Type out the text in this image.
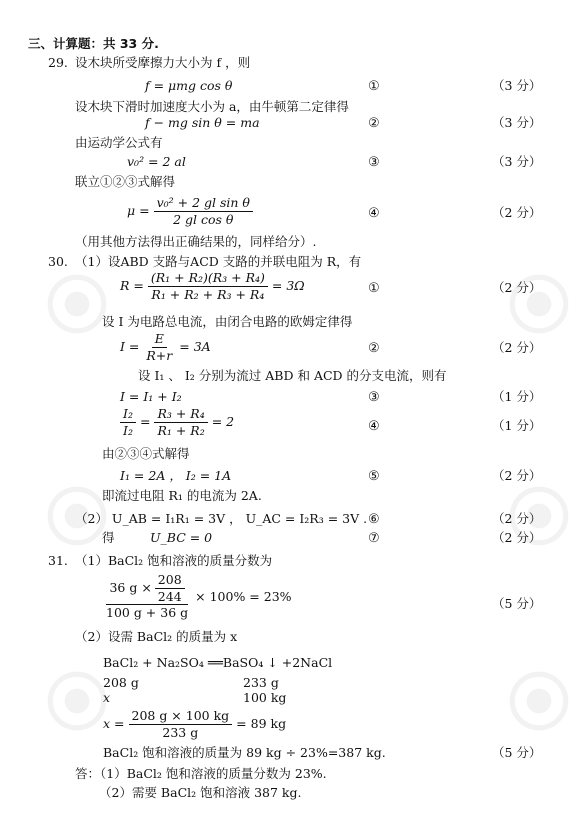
三、计算题：共 33 分.
29. 设木块所受摩擦力大小为 f ，则
f = μmg cos θ	①	（3 分）
设木块下滑时加速度大小为 a，由牛顿第二定律得
f − mg sin θ = ma	②	（3 分）
由运动学公式有
v₀² = 2 al	③	（3 分）
联立①②③式解得
$\mu = \frac{\text{v₀² + 2 gl sin θ}}{\text{2 gl cos θ}}$	④	（2 分）
（用其他方法得出正确结果的，同样给分）.
30. （1）设ABD 支路与ACD 支路的并联电阻为 R，有
$R = \frac{\text{(R₁ + R₂)(R₃ + R₄)}}{\text{R₁ + R₂ + R₃ + R₄}} = 3\Omega$	①	（2 分）
设 I 为电路总电流，由闭合电路的欧姆定律得
$I = \frac{E}{R+r} = 3A$	②	（2 分）
设 I₁ 、 I₂ 分别为流过 ABD 和 ACD 的分支电流，则有
I = I₁ + I₂	③	（1 分）
$\frac{\text{I₂}}{\text{I₂}} = \frac{\text{R₃ + R₄}}{\text{R₁ + R₂}} = 2$	④	（1 分）
由②③④式解得
I₁ = 2A ， I₂ = 1A	⑤	（2 分）
即流过电阻 R₁ 的电流为 2A.
（2） U_AB = I₁R₁ = 3V ， U_AC = I₂R₃ = 3V . ⑥	（2 分）
得	U_BC = 0	⑦	（2 分）
31. （1）BaCl₂ 饱和溶液的质量分数为
$\frac{36 g \times \frac{208}{244}}{100 g + 36 g} \times 100\% = 23\%$	（5 分）
（2）设需 BaCl₂ 的质量为 x
BaCl₂ + Na₂SO₄ ══BaSO₄ ↓ +2NaCl
208 g	233 g
x	100 kg
$x = \frac{208 g \times 100 kg}{233 g} = 89$ kg
BaCl₂ 饱和溶液的质量为 89 kg ÷ 23%=387 kg.	（5 分）
答：（1）BaCl₂ 饱和溶液的质量分数为 23%.
（2）需要 BaCl₂ 饱和溶液 387 kg.
